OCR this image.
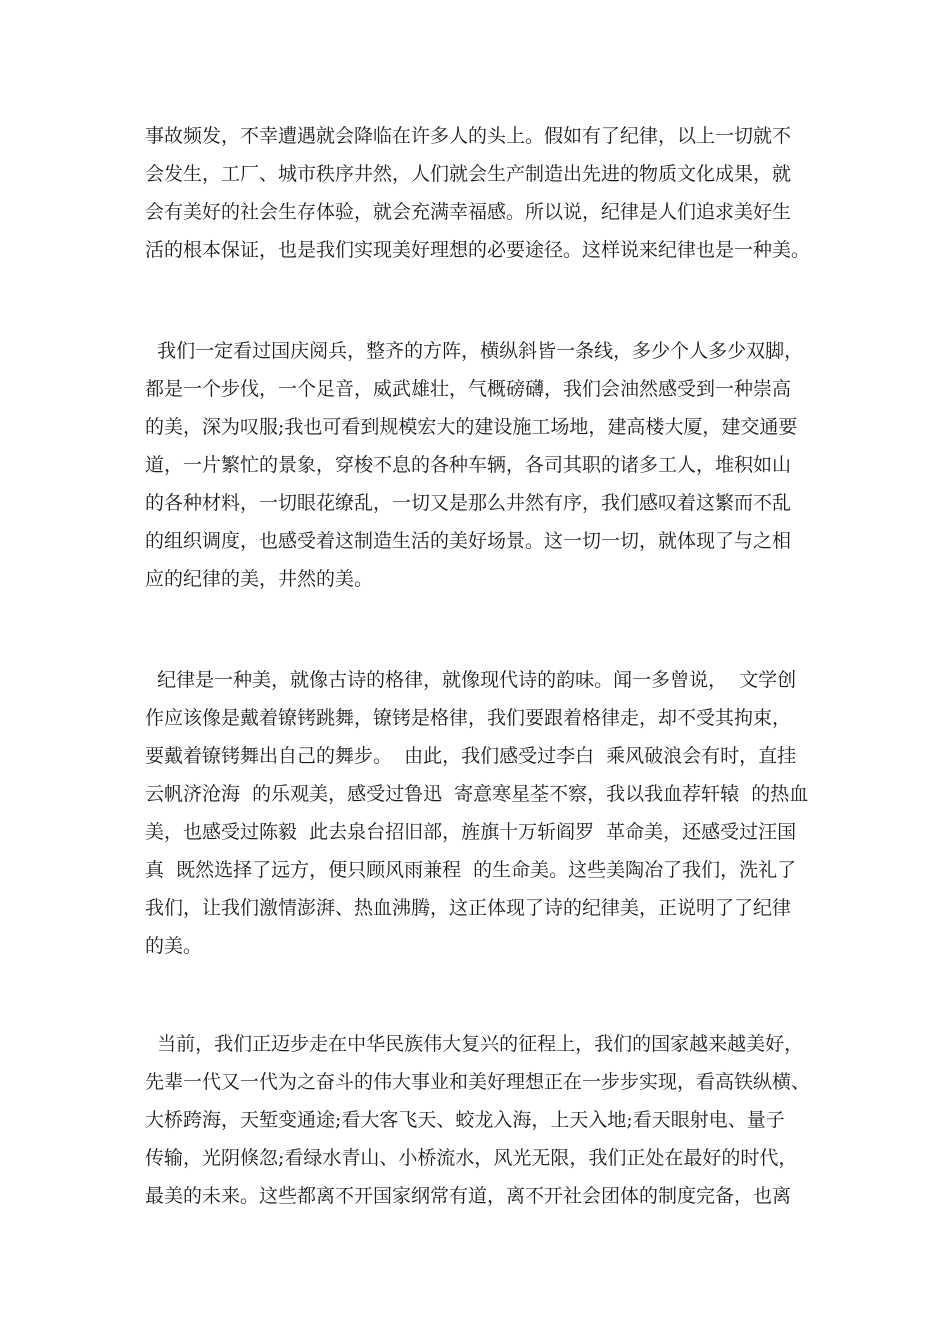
事故频发，不幸遭遇就会降临在许多人的头上。假如有了纪律，以上一切就不
会发生，工厂、城市秩序井然，人们就会生产制造出先进的物质文化成果，就
会有美好的社会生存体验，就会充满幸福感。所以说，纪律是人们追求美好生
活的根本保证，也是我们实现美好理想的必要途径。这样说来纪律也是一种美。

我们一定看过国庆阅兵，整齐的方阵，横纵斜皆一条线，多少个人多少双脚，
都是一个步伐，一个足音，威武雄壮，气概磅礴，我们会油然感受到一种崇高
的美，深为叹服;我也可看到规模宏大的建设施工场地，建高楼大厦，建交通要
道，一片繁忙的景象，穿梭不息的各种车辆，各司其职的诸多工人，堆积如山
的各种材料，一切眼花缭乱，一切又是那么井然有序，我们感叹着这繁而不乱
的组织调度，也感受着这制造生活的美好场景。这一切一切，就体现了与之相
应的纪律的美，井然的美。

纪律是一种美，就像古诗的格律，就像现代诗的韵味。闻一多曾说，  文学创
作应该像是戴着镣铐跳舞，镣铐是格律，我们要跟着格律走，却不受其拘束，
要戴着镣铐舞出自己的舞步。  由此，我们感受过李白  乘风破浪会有时，直挂
云帆济沧海  的乐观美，感受过鲁迅  寄意寒星荃不察，我以我血荐轩辕  的热血
美，也感受过陈毅  此去泉台招旧部，旌旗十万斩阎罗  革命美，还感受过汪国
真  既然选择了远方，便只顾风雨兼程  的生命美。这些美陶冶了我们，洗礼了
我们，让我们激情澎湃、热血沸腾，这正体现了诗的纪律美，正说明了了纪律
的美。

当前，我们正迈步走在中华民族伟大复兴的征程上，我们的国家越来越美好，
先辈一代又一代为之奋斗的伟大事业和美好理想正在一步步实现，看高铁纵横、
大桥跨海，天堑变通途;看大客飞天、蛟龙入海，上天入地;看天眼射电、量子
传输，光阴倏忽;看绿水青山、小桥流水，风光无限，我们正处在最好的时代，
最美的未来。这些都离不开国家纲常有道，离不开社会团体的制度完备，也离
